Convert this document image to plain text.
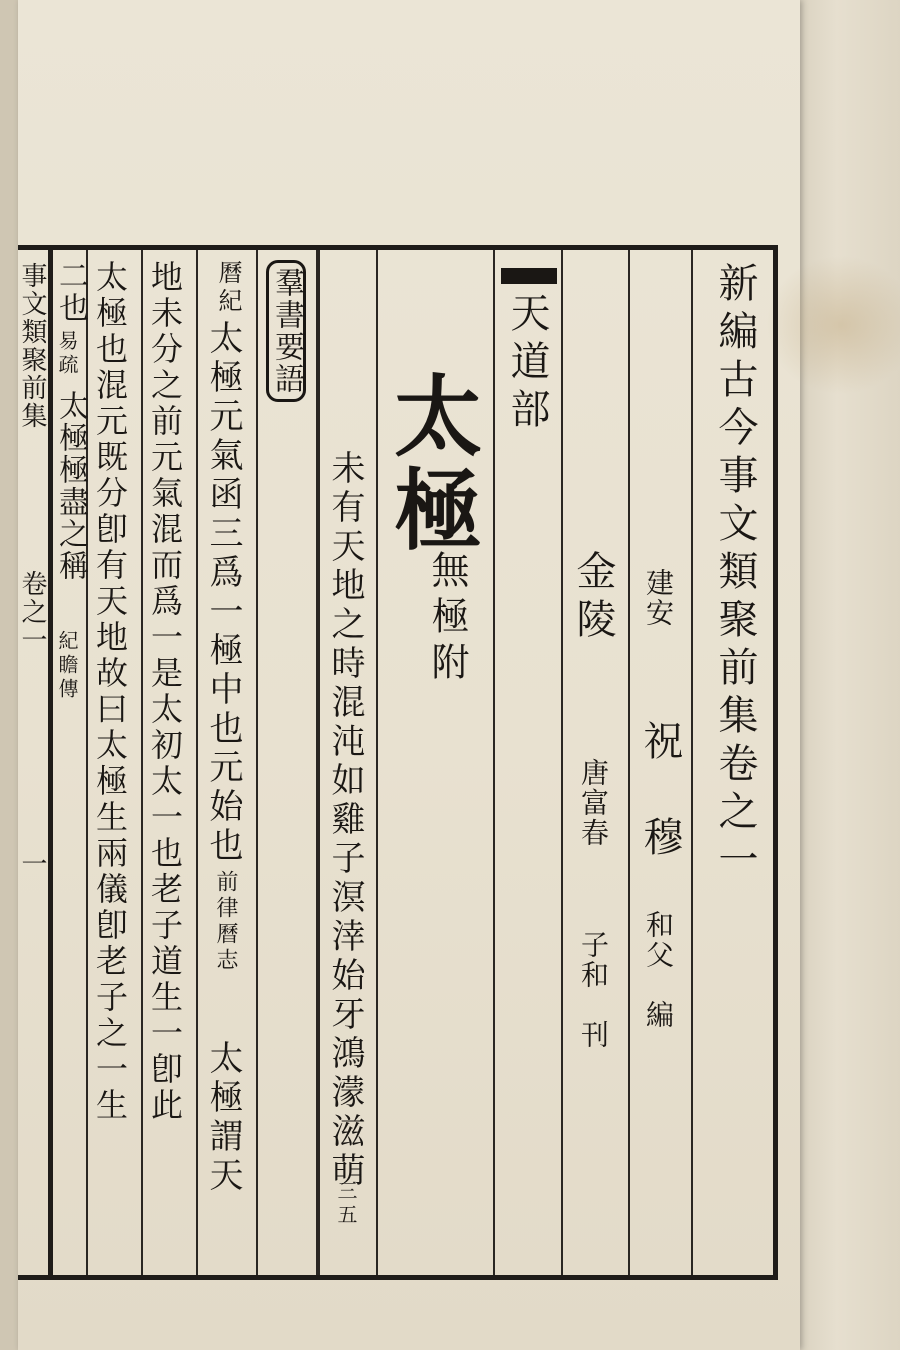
新編古今事文類聚前集卷之一
建安
祝　穆
和父　編
金陵
唐富春
子和　刊
天道部
太極
無極附
未有天地之時混沌如雞子溟涬始牙鴻濛滋萌
三五
羣書要語
曆紀
太極元氣函三爲一極中也元始也
前律曆志
太極謂天
地未分之前元氣混而爲一是太初太一也老子道生一卽此
太極也混元既分卽有天地故曰太極生兩儀卽老子之一生
二也
易疏
太極極盡之稱
紀瞻傳
事文類聚前集
卷之一
一
